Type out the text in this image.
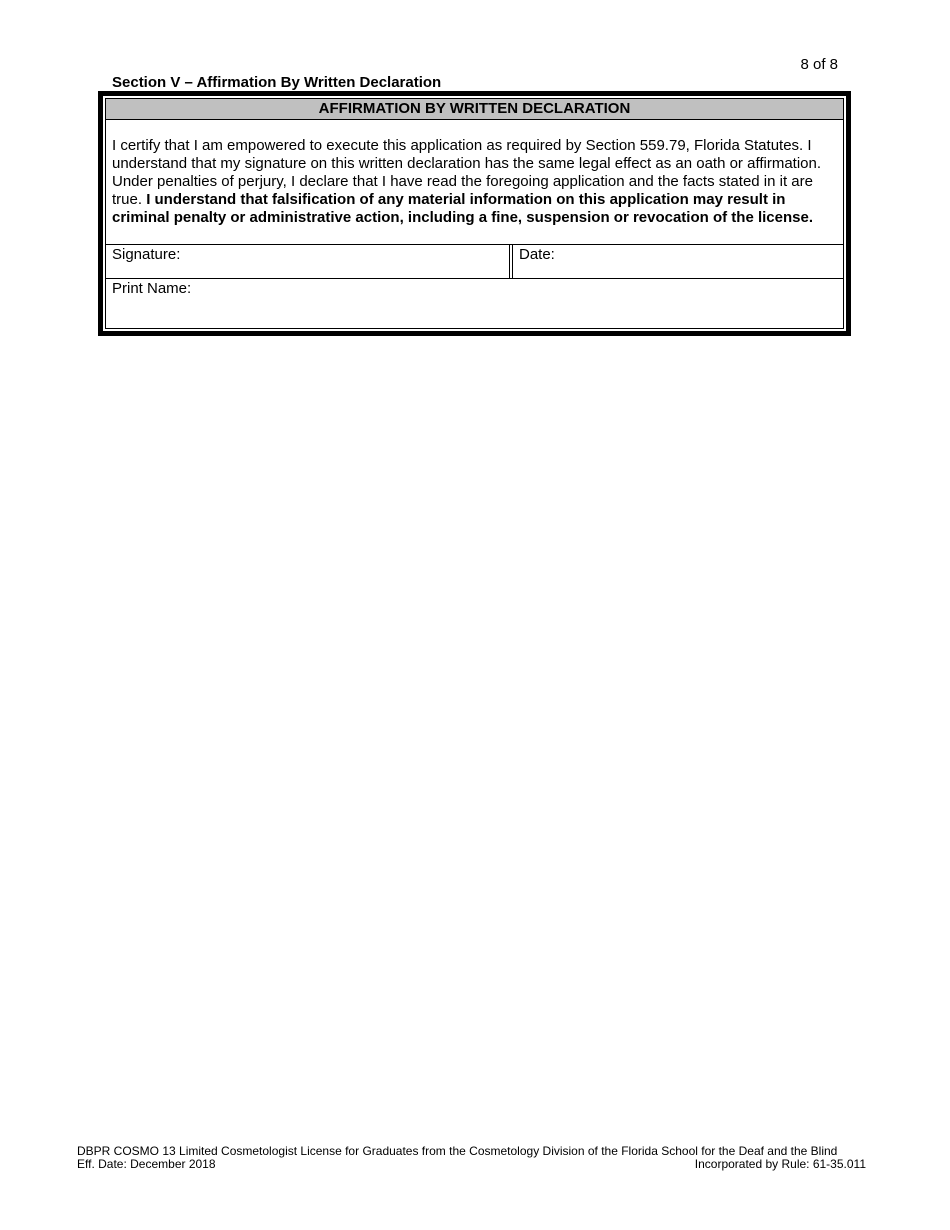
8 of 8
Section V – Affirmation By Written Declaration
AFFIRMATION BY WRITTEN DECLARATION
I certify that I am empowered to execute this application as required by Section 559.79, Florida Statutes. I understand that my signature on this written declaration has the same legal effect as an oath or affirmation. Under penalties of perjury, I declare that I have read the foregoing application and the facts stated in it are true. I understand that falsification of any material information on this application may result in criminal penalty or administrative action, including a fine, suspension or revocation of the license.
Signature:	Date:
Print Name:
DBPR COSMO 13 Limited Cosmetologist License for Graduates from the Cosmetology Division of the Florida School for the Deaf and the Blind
Eff. Date: December 2018	Incorporated by Rule: 61-35.011
